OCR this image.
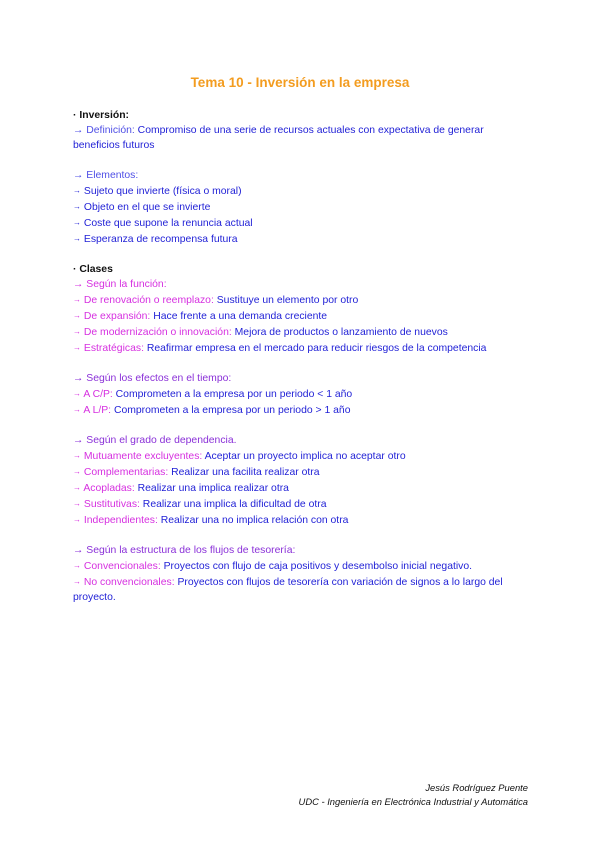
Tema 10 - Inversión en la empresa
· Inversión:
→ Definición: Compromiso de una serie de recursos actuales con expectativa de generar
beneficios futuros
→ Elementos:
→ Sujeto que invierte (física o moral)
→ Objeto en el que se invierte
→ Coste que supone la renuncia actual
→ Esperanza de recompensa futura
· Clases
→ Según la función:
→ De renovación o reemplazo: Sustituye un elemento por otro
→ De expansión: Hace frente a una demanda creciente
→ De modernización o innovación: Mejora de productos o lanzamiento de nuevos
→ Estratégicas: Reafirmar empresa en el mercado para reducir riesgos de la competencia
→ Según los efectos en el tiempo:
→ A C/P: Comprometen a la empresa por un periodo < 1 año
→ A L/P: Comprometen a la empresa por un periodo > 1 año
→ Según el grado de dependencia.
→ Mutuamente excluyentes: Aceptar un proyecto implica no aceptar otro
→ Complementarias: Realizar una facilita realizar otra
→ Acopladas: Realizar una implica realizar otra
→ Sustitutivas: Realizar una implica la dificultad de otra
→ Independientes: Realizar una no implica relación con otra
→ Según la estructura de los flujos de tesorería:
→ Convencionales: Proyectos con flujo de caja positivos y desembolso inicial negativo.
→ No convencionales: Proyectos con flujos de tesorería con variación de signos a lo largo del proyecto.
Jesús Rodríguez Puente
UDC - Ingeniería en Electrónica Industrial y Automática
